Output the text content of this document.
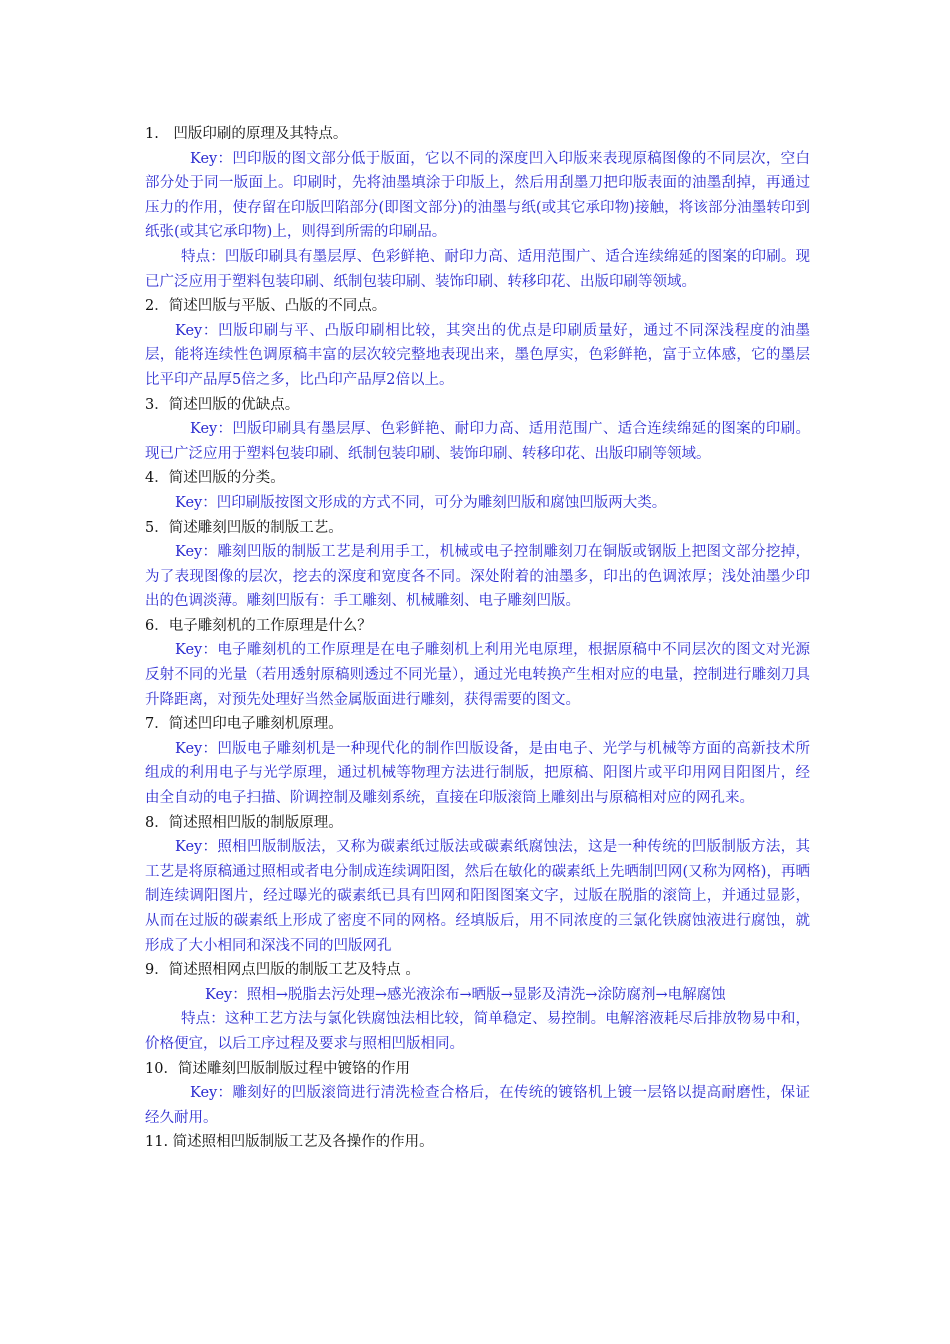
1.　凹版印刷的原理及其特点。

Key：凹印版的图文部分低于版面，它以不同的深度凹入印版来表现原稿图像的不同层次，空白部分处于同一版面上。印刷时，先将油墨填涂于印版上，然后用刮墨刀把印版表面的油墨刮掉，再通过压力的作用，使存留在印版凹陷部分(即图文部分)的油墨与纸(或其它承印物)接触，将该部分油墨转印到纸张(或其它承印物)上，则得到所需的印刷品。

特点：凹版印刷具有墨层厚、色彩鲜艳、耐印力高、适用范围广、适合连续绵延的图案的印刷。现已广泛应用于塑料包装印刷、纸制包装印刷、装饰印刷、转移印花、出版印刷等领域。

2．简述凹版与平版、凸版的不同点。

Key：凹版印刷与平、凸版印刷相比较，其突出的优点是印刷质量好，通过不同深浅程度的油墨层，能将连续性色调原稿丰富的层次较完整地表现出来，墨色厚实，色彩鲜艳，富于立体感，它的墨层比平印产品厚5倍之多，比凸印产品厚2倍以上。

3．简述凹版的优缺点。

Key：凹版印刷具有墨层厚、色彩鲜艳、耐印力高、适用范围广、适合连续绵延的图案的印刷。现已广泛应用于塑料包装印刷、纸制包装印刷、装饰印刷、转移印花、出版印刷等领域。

4．简述凹版的分类。

Key：凹印刷版按图文形成的方式不同，可分为雕刻凹版和腐蚀凹版两大类。

5．简述雕刻凹版的制版工艺。

Key：雕刻凹版的制版工艺是利用手工，机械或电子控制雕刻刀在铜版或钢版上把图文部分挖掉，为了表现图像的层次，挖去的深度和宽度各不同。深处附着的油墨多，印出的色调浓厚；浅处油墨少印出的色调淡薄。雕刻凹版有：手工雕刻、机械雕刻、电子雕刻凹版。

6．电子雕刻机的工作原理是什么？

Key：电子雕刻机的工作原理是在电子雕刻机上利用光电原理，根据原稿中不同层次的图文对光源反射不同的光量（若用透射原稿则透过不同光量），通过光电转换产生相对应的电量，控制进行雕刻刀具升降距离，对预先处理好当然金属版面进行雕刻，获得需要的图文。

7．简述凹印电子雕刻机原理。

Key：凹版电子雕刻机是一种现代化的制作凹版设备，是由电子、光学与机械等方面的高新技术所组成的利用电子与光学原理，通过机械等物理方法进行制版，把原稿、阳图片或平印用网目阳图片，经由全自动的电子扫描、阶调控制及雕刻系统，直接在印版滚筒上雕刻出与原稿相对应的网孔来。

8．简述照相凹版的制版原理。

Key：照相凹版制版法，又称为碳素纸过版法或碳素纸腐蚀法，这是一种传统的凹版制版方法，其工艺是将原稿通过照相或者电分制成连续调阳图，然后在敏化的碳素纸上先晒制凹网(又称为网格)，再晒制连续调阳图片，经过曝光的碳素纸已具有凹网和阳图图案文字，过版在脱脂的滚筒上，并通过显影，从而在过版的碳素纸上形成了密度不同的网格。经填版后，用不同浓度的三氯化铁腐蚀液进行腐蚀，就形成了大小相同和深浅不同的凹版网孔

9．简述照相网点凹版的制版工艺及特点 。

Key：照相→脱脂去污处理→感光液涂布→晒版→显影及清洗→涂防腐剂→电解腐蚀

特点：这种工艺方法与氯化铁腐蚀法相比较，简单稳定、易控制。电解溶液耗尽后排放物易中和，价格便宜，以后工序过程及要求与照相凹版相同。

10．简述雕刻凹版制版过程中镀铬的作用

Key：雕刻好的凹版滚筒进行清洗检查合格后，在传统的镀铬机上镀一层铬以提高耐磨性，保证经久耐用。

11. 简述照相凹版制版工艺及各操作的作用。
